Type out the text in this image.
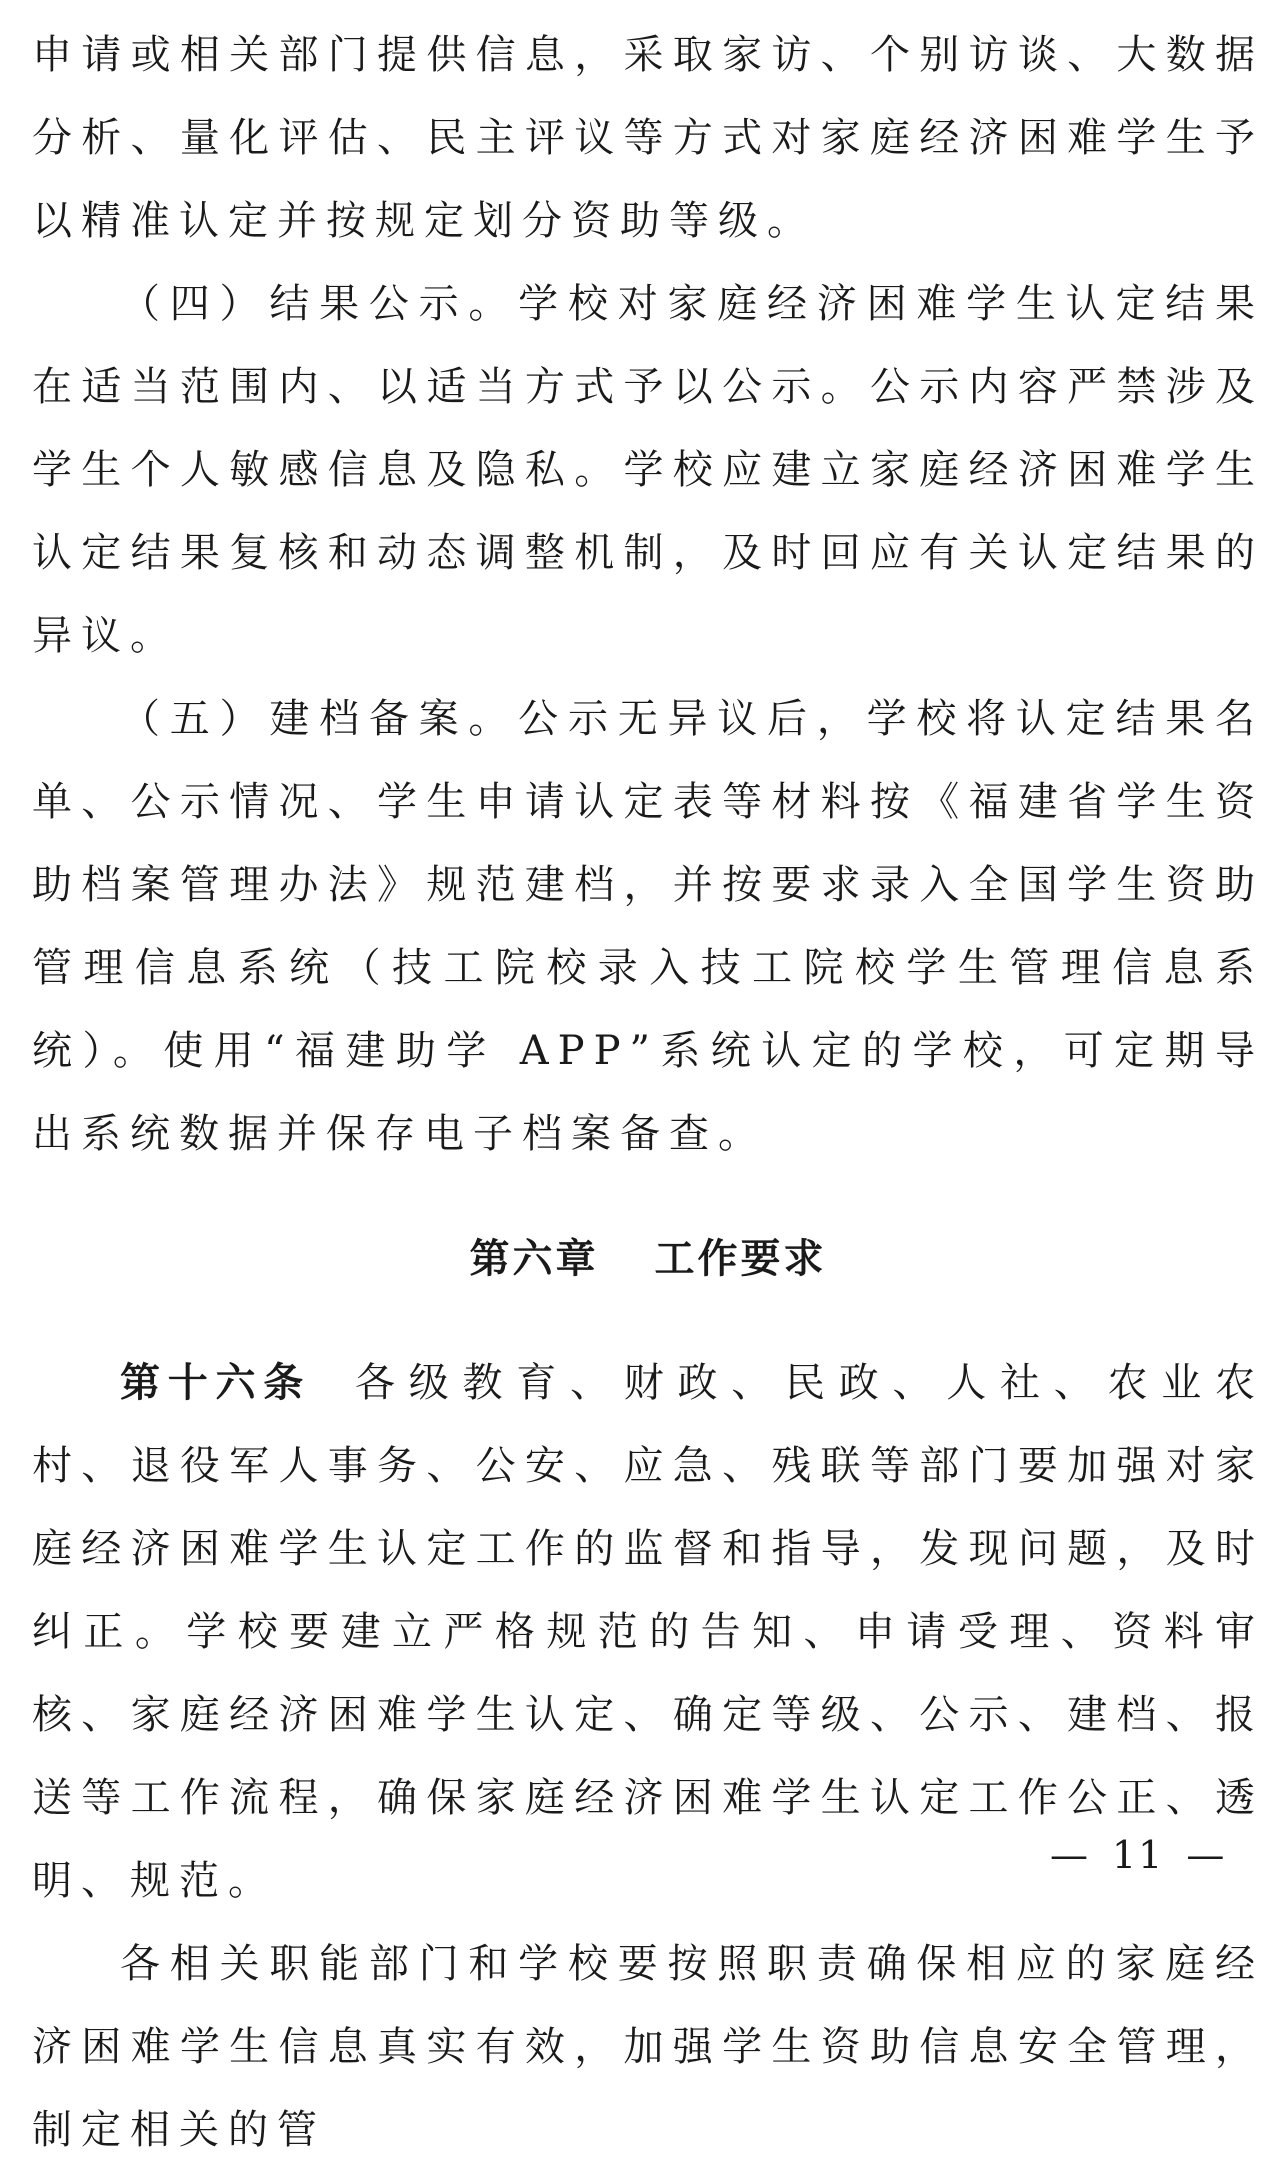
申请或相关部门提供信息，采取家访、个别访谈、大数据分析、量化评估、民主评议等方式对家庭经济困难学生予以精准认定并按规定划分资助等级。

（四）结果公示。学校对家庭经济困难学生认定结果在适当范围内、以适当方式予以公示。公示内容严禁涉及学生个人敏感信息及隐私。学校应建立家庭经济困难学生认定结果复核和动态调整机制，及时回应有关认定结果的异议。

（五）建档备案。公示无异议后，学校将认定结果名单、公示情况、学生申请认定表等材料按《福建省学生资助档案管理办法》规范建档，并按要求录入全国学生资助管理信息系统（技工院校录入技工院校学生管理信息系统）。使用“福建助学 APP”系统认定的学校，可定期导出系统数据并保存电子档案备查。

第六章 工作要求

第十六条 各级教育、财政、民政、人社、农业农村、退役军人事务、公安、应急、残联等部门要加强对家庭经济困难学生认定工作的监督和指导，发现问题，及时纠正。学校要建立严格规范的告知、申请受理、资料审核、家庭经济困难学生认定、确定等级、公示、建档、报送等工作流程，确保家庭经济困难学生认定工作公正、透明、规范。

各相关职能部门和学校要按照职责确保相应的家庭经济困难学生信息真实有效，加强学生资助信息安全管理，制定相关的管

— 11 —
